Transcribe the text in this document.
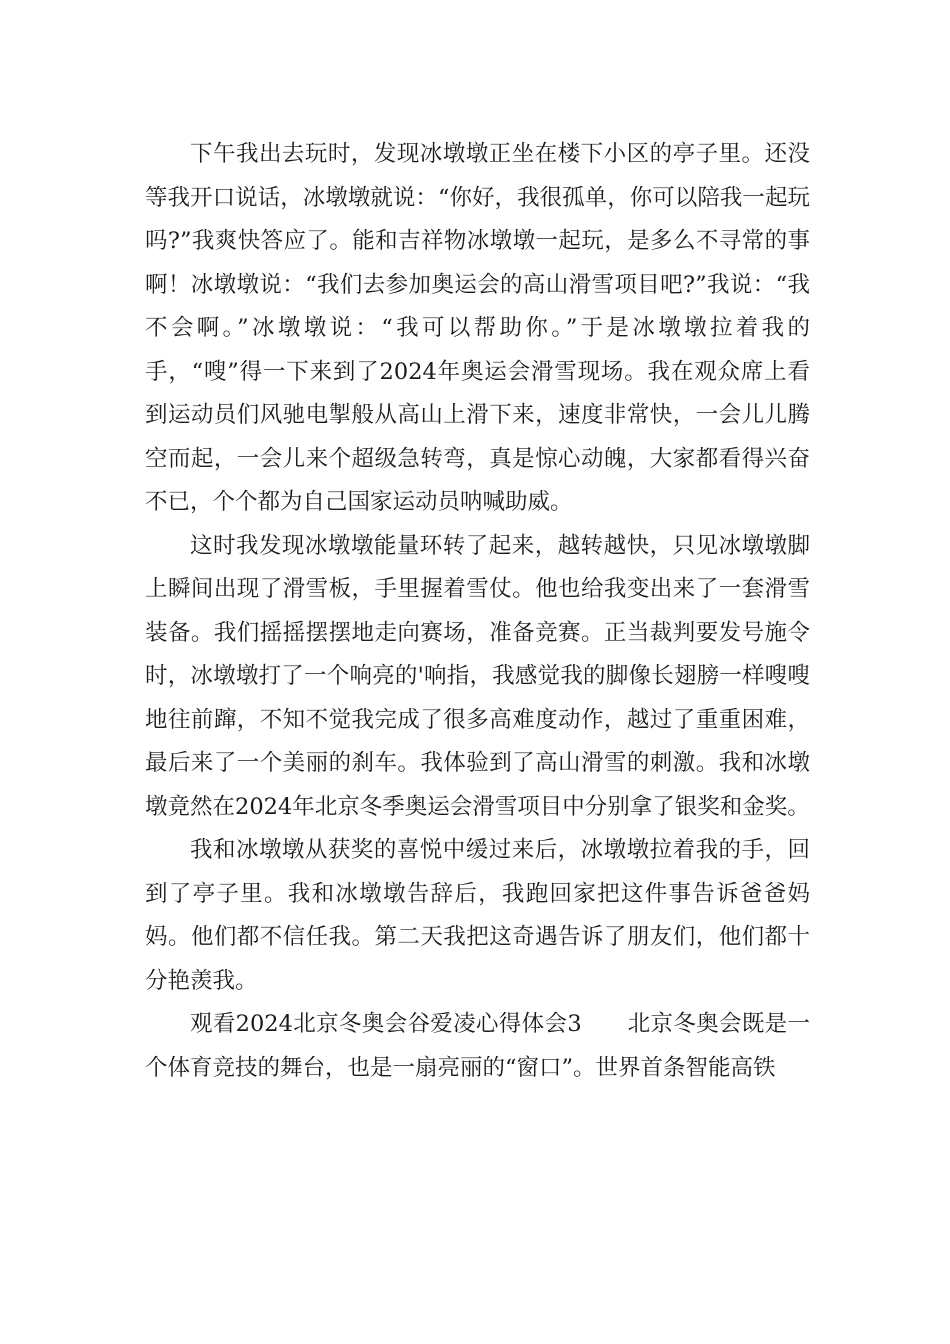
下午我出去玩时，发现冰墩墩正坐在楼下小区的亭子里。还没等我开口说话，冰墩墩就说：“你好，我很孤单，你可以陪我一起玩吗?”我爽快答应了。能和吉祥物冰墩墩一起玩，是多么不寻常的事啊！冰墩墩说：“我们去参加奥运会的高山滑雪项目吧?”我说：“我不会啊。”冰墩墩说：“我可以帮助你。”于是冰墩墩拉着我的手，“嗖”得一下来到了2024年奥运会滑雪现场。我在观众席上看到运动员们风驰电掣般从高山上滑下来，速度非常快，一会儿儿腾空而起，一会儿来个超级急转弯，真是惊心动魄，大家都看得兴奋不已，个个都为自己国家运动员呐喊助威。

这时我发现冰墩墩能量环转了起来，越转越快，只见冰墩墩脚上瞬间出现了滑雪板，手里握着雪仗。他也给我变出来了一套滑雪装备。我们摇摇摆摆地走向赛场，准备竞赛。正当裁判要发号施令时，冰墩墩打了一个响亮的'响指，我感觉我的脚像长翅膀一样嗖嗖地往前蹿，不知不觉我完成了很多高难度动作，越过了重重困难，最后来了一个美丽的刹车。我体验到了高山滑雪的刺激。我和冰墩墩竟然在2024年北京冬季奥运会滑雪项目中分别拿了银奖和金奖。

我和冰墩墩从获奖的喜悦中缓过来后，冰墩墩拉着我的手，回到了亭子里。我和冰墩墩告辞后，我跑回家把这件事告诉爸爸妈妈。他们都不信任我。第二天我把这奇遇告诉了朋友们，他们都十分艳羡我。

观看2024北京冬奥会谷爱凌心得体会3　　北京冬奥会既是一个体育竞技的舞台，也是一扇亮丽的“窗口”。世界首条智能高铁
